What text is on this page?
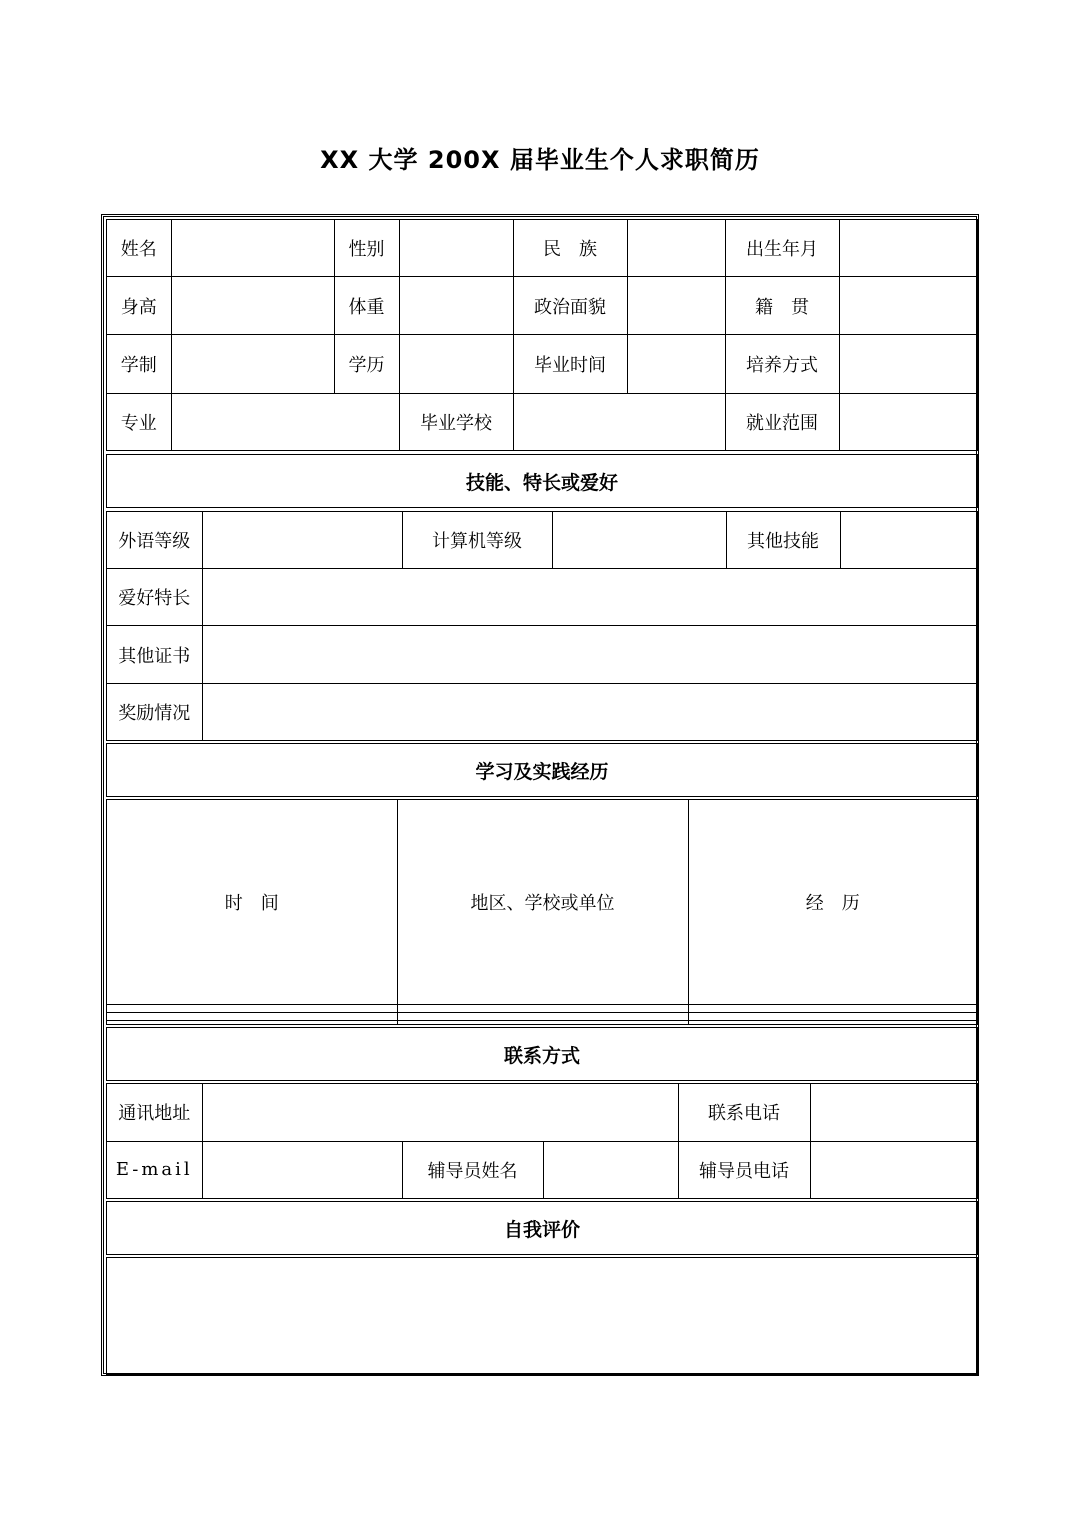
XX 大学 200X 届毕业生个人求职简历
姓名		性别		民　族		出生年月	
身高		体重		政治面貌		籍　贯	
学制		学历		毕业时间		培养方式	
专业			毕业学校			就业范围	
技能、特长或爱好
外语等级		计算机等级		其他技能	
爱好特长					
其他证书					
奖励情况					
学习及实践经历
时　间	地区、学校或单位	经　历

联系方式
通讯地址				联系电话	
E-mail		辅导员姓名		辅导员电话	
自我评价
